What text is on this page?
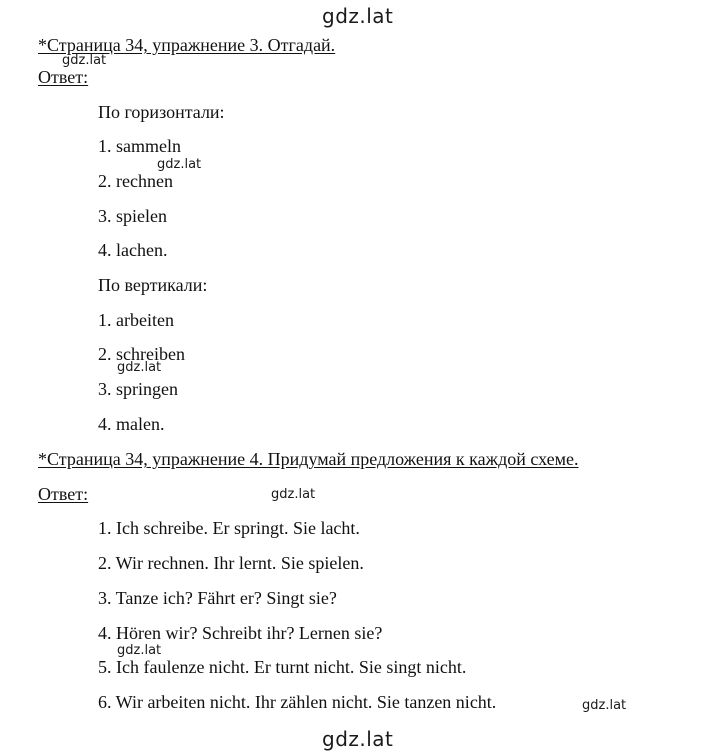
gdz.lat
gdz.lat
gdz.lat
gdz.lat
gdz.lat
gdz.lat
gdz.lat
gdz.lat
*Страница 34, упражнение 3. Отгадай.
Ответ:
По горизонтали:
1. sammeln
2. rechnen
3. spielen
4. lachen.
По вертикали:
1. arbeiten
2. schreiben
3. springen
4. malen.
*Страница 34, упражнение 4. Придумай предложения к каждой схеме.
Ответ:
1. Ich schreibe. Er springt. Sie lacht.
2. Wir rechnen. Ihr lernt. Sie spielen.
3. Tanze ich? Fährt er? Singt sie?
4. Hören wir? Schreibt ihr? Lernen sie?
5. Ich faulenze nicht. Er turnt nicht. Sie singt nicht.
6. Wir arbeiten nicht. Ihr zählen nicht. Sie tanzen nicht.
